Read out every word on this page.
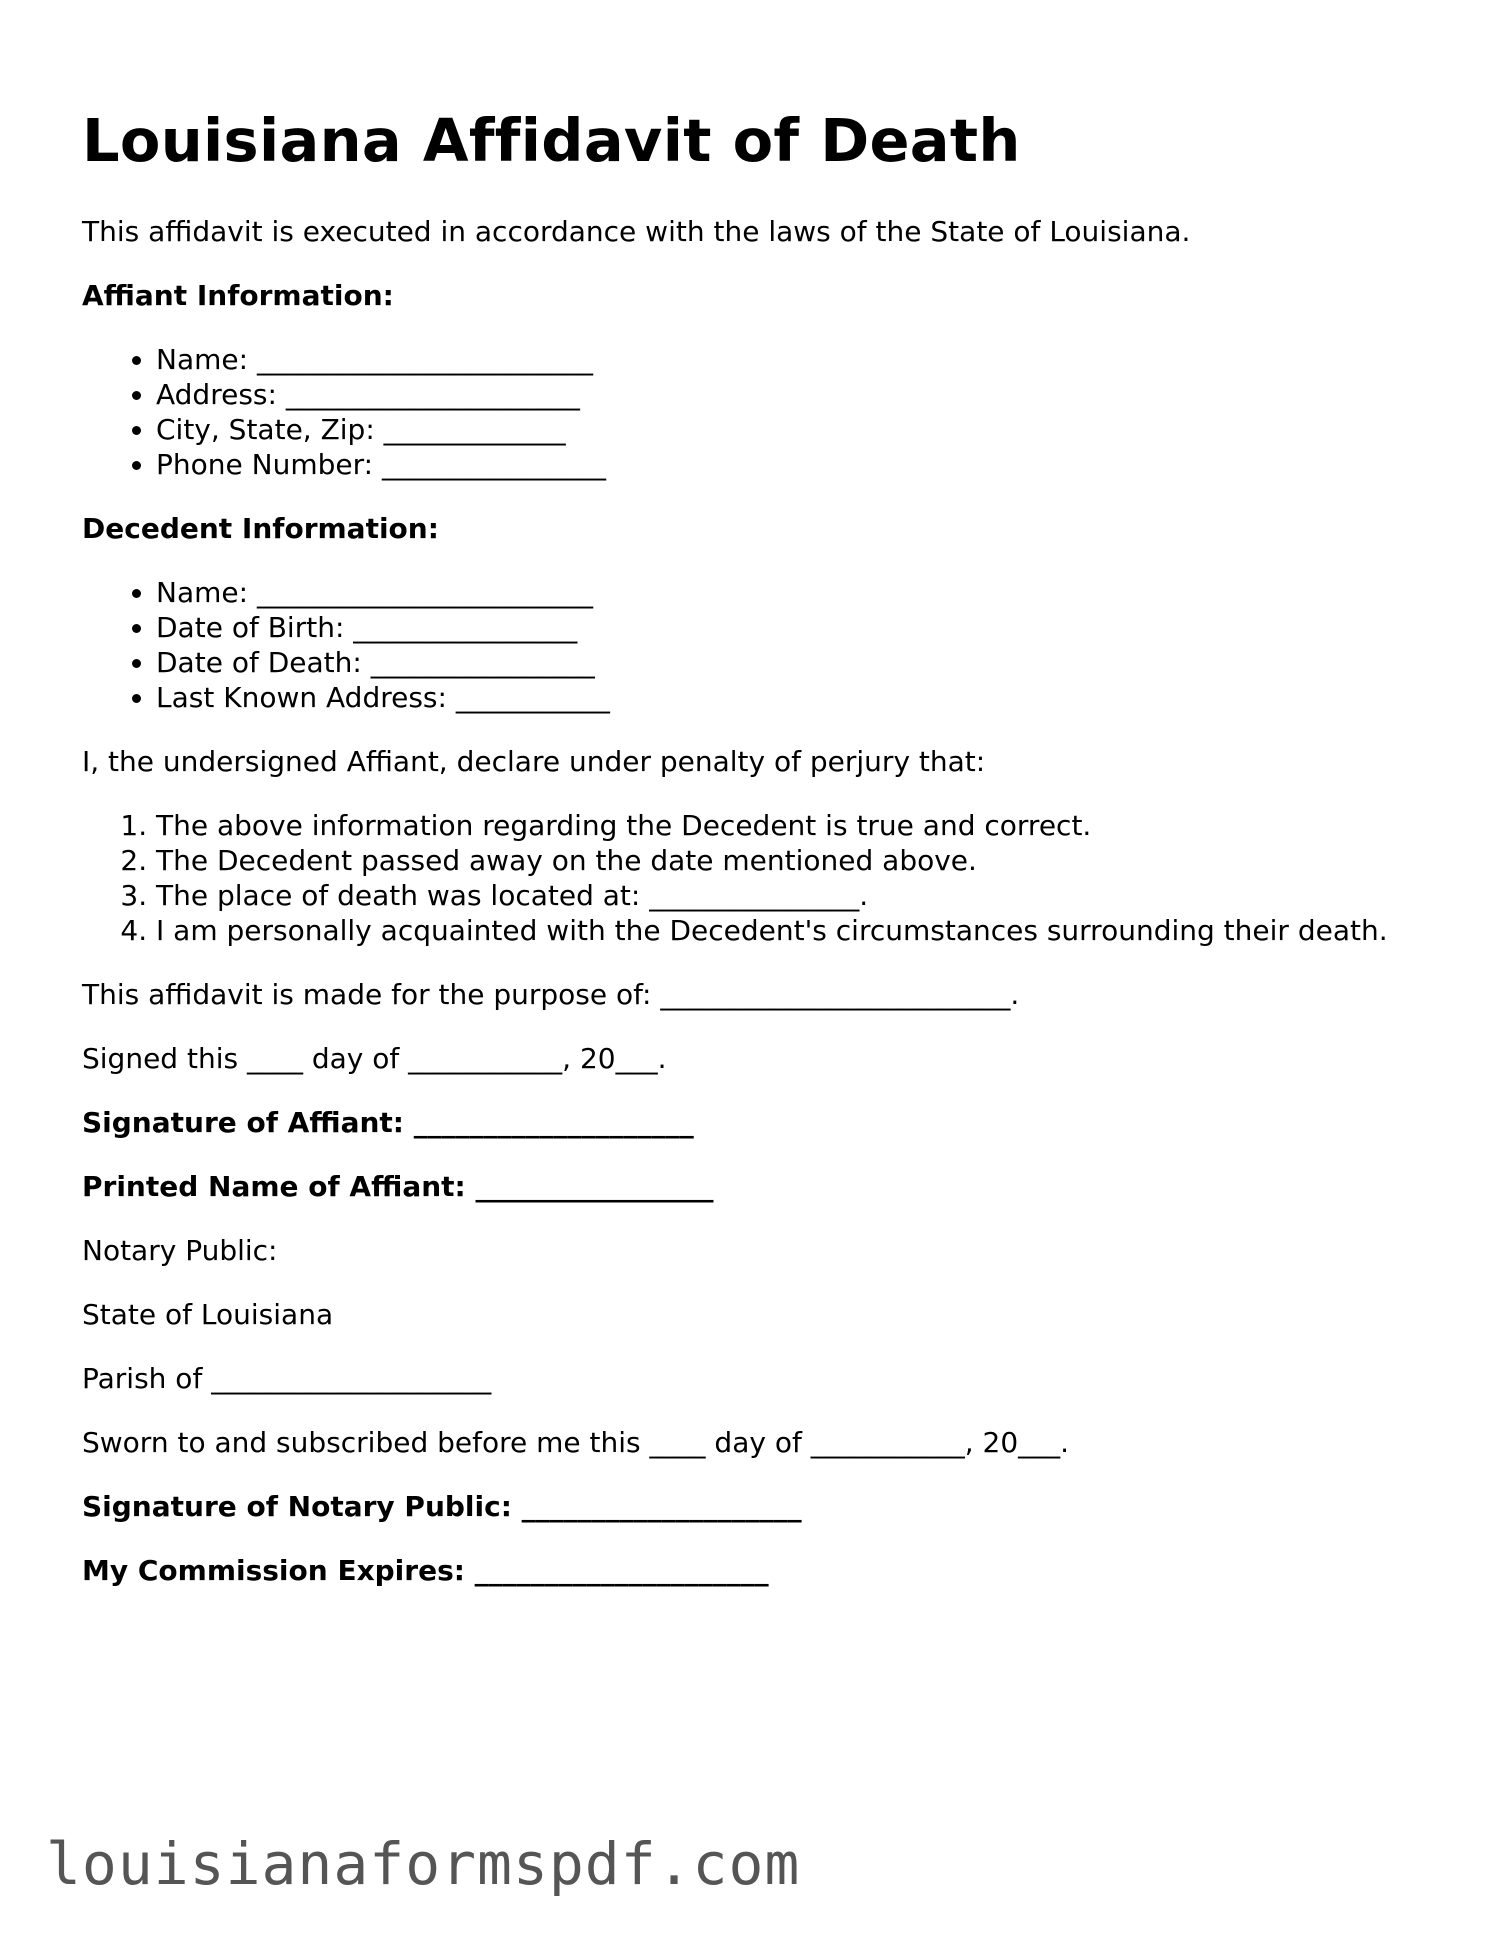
Louisiana Affidavit of Death

This affidavit is executed in accordance with the laws of the State of Louisiana.

Affiant Information:

• Name: ________________________
• Address: _____________________
• City, State, Zip: _____________
• Phone Number: ________________

Decedent Information:

• Name: ________________________
• Date of Birth: ________________
• Date of Death: ________________
• Last Known Address: ___________

I, the undersigned Affiant, declare under penalty of perjury that:

1. The above information regarding the Decedent is true and correct.
2. The Decedent passed away on the date mentioned above.
3. The place of death was located at: _______________.
4. I am personally acquainted with the Decedent's circumstances surrounding their death.

This affidavit is made for the purpose of: _________________________.

Signed this ____ day of ___________, 20___.

Signature of Affiant: ____________________

Printed Name of Affiant: _________________

Notary Public:

State of Louisiana

Parish of ____________________

Sworn to and subscribed before me this ____ day of ___________, 20___.

Signature of Notary Public: ____________________

My Commission Expires: _____________________

louisianaformspdf.com
